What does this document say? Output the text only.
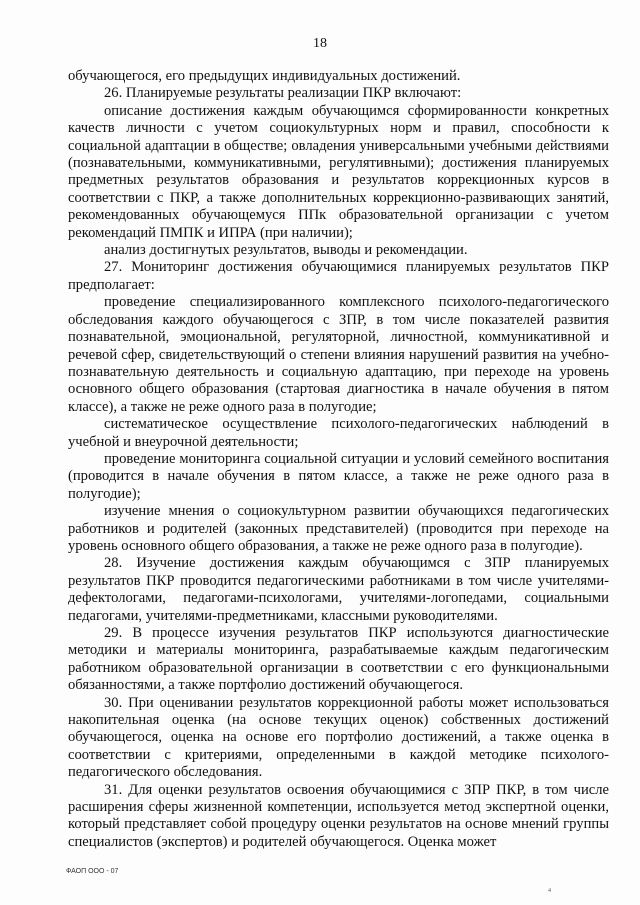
18

обучающегося, его предыдущих индивидуальных достижений.

26. Планируемые результаты реализации ПКР включают:

описание достижения каждым обучающимся сформированности конкретных качеств личности с учетом социокультурных норм и правил, способности к социальной адаптации в обществе; овладения универсальными учебными действиями (познавательными, коммуникативными, регулятивными); достижения планируемых предметных результатов образования и результатов коррекционных курсов в соответствии с ПКР, а также дополнительных коррекционно-развивающих занятий, рекомендованных обучающемуся ППк образовательной организации с учетом рекомендаций ПМПК и ИПРА (при наличии);

анализ достигнутых результатов, выводы и рекомендации.

27. Мониторинг достижения обучающимися планируемых результатов ПКР предполагает:

проведение специализированного комплексного психолого-педагогического обследования каждого обучающегося с ЗПР, в том числе показателей развития познавательной, эмоциональной, регуляторной, личностной, коммуникативной и речевой сфер, свидетельствующий о степени влияния нарушений развития на учебно-познавательную деятельность и социальную адаптацию, при переходе на уровень основного общего образования (стартовая диагностика в начале обучения в пятом классе), а также не реже одного раза в полугодие;

систематическое осуществление психолого-педагогических наблюдений в учебной и внеурочной деятельности;

проведение мониторинга социальной ситуации и условий семейного воспитания (проводится в начале обучения в пятом классе, а также не реже одного раза в полугодие);

изучение мнения о социокультурном развитии обучающихся педагогических работников и родителей (законных представителей) (проводится при переходе на уровень основного общего образования, а также не реже одного раза в полугодие).

28. Изучение достижения каждым обучающимся с ЗПР планируемых результатов ПКР проводится педагогическими работниками в том числе учителями-дефектологами, педагогами-психологами, учителями-логопедами, социальными педагогами, учителями-предметниками, классными руководителями.

29. В процессе изучения результатов ПКР используются диагностические методики и материалы мониторинга, разрабатываемые каждым педагогическим работником образовательной организации в соответствии с его функциональными обязанностями, а также портфолио достижений обучающегося.

30. При оценивании результатов коррекционной работы может использоваться накопительная оценка (на основе текущих оценок) собственных достижений обучающегося, оценка на основе его портфолио достижений, а также оценка в соответствии с критериями, определенными в каждой методике психолого-педагогического обследования.

31. Для оценки результатов освоения обучающимися с ЗПР ПКР, в том числе расширения сферы жизненной компетенции, используется метод экспертной оценки, который представляет собой процедуру оценки результатов на основе мнений группы специалистов (экспертов) и родителей обучающегося. Оценка может

ФАОП ООО - 07
4
